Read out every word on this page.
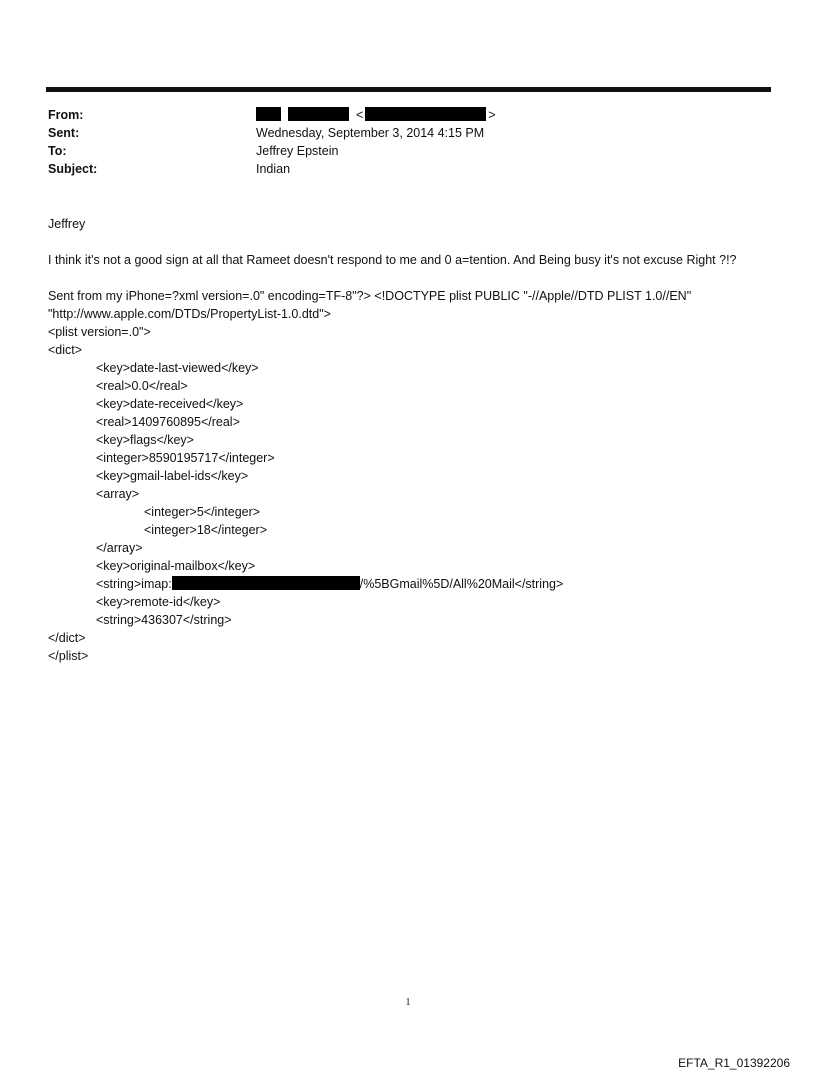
From:	<	>
Sent:	Wednesday, September 3, 2014 4:15 PM
To:	Jeffrey Epstein
Subject:	Indian

Jeffrey

I think it's not a good sign at all that Rameet doesn't respond to me and 0 a=tention. And Being busy it's not excuse Right ?!?

Sent from my iPhone=?xml version=.0" encoding=TF-8"?> <!DOCTYPE plist PUBLIC "-//Apple//DTD PLIST 1.0//EN"

"http://www.apple.com/DTDs/PropertyList-1.0.dtd">

<plist version=.0">

<dict>

<key>date-last-viewed</key>

<real>0.0</real>

<key>date-received</key>

<real>1409760895</real>

<key>flags</key>

<integer>8590195717</integer>

<key>gmail-label-ids</key>

<array>

<integer>5</integer>

<integer>18</integer>

</array>

<key>original-mailbox</key>

<string>imap:	/%5BGmail%5D/All%20Mail</string>

<key>remote-id</key>

<string>436307</string>

</dict>

</plist>

1
EFTA_R1_01392206
